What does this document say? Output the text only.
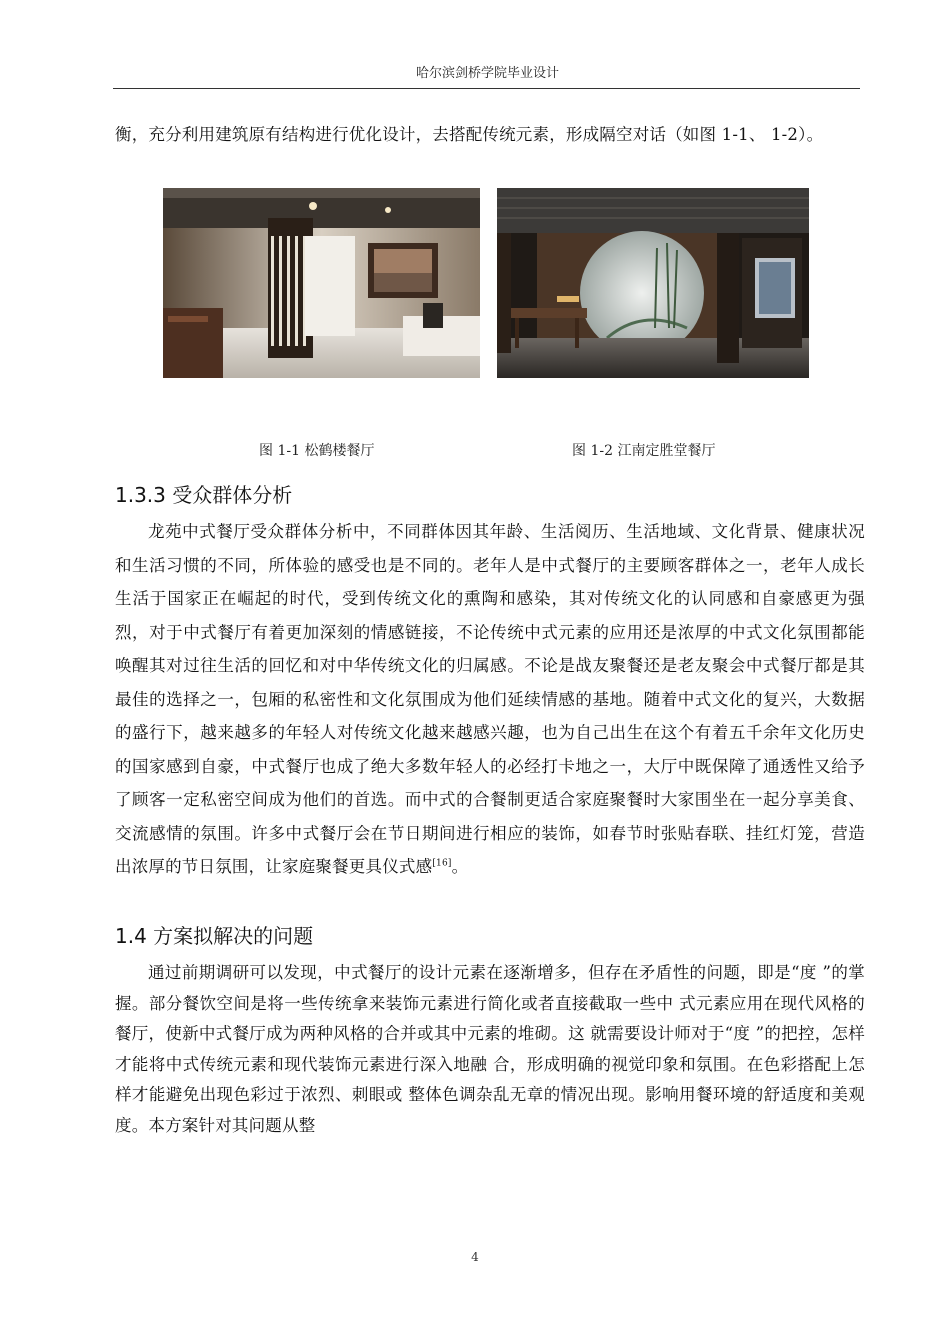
哈尔滨剑桥学院毕业设计
衡，充分利用建筑原有结构进行优化设计，去搭配传统元素，形成隔空对话（如图 1-1、 1-2）。
图 1-1 松鹤楼餐厅	图 1-2 江南定胜堂餐厅
1.3.3 受众群体分析
龙苑中式餐厅受众群体分析中，不同群体因其年龄、生活阅历、生活地域、文化背景、健康状况和生活习惯的不同，所体验的感受也是不同的。老年人是中式餐厅的主要顾客群体之一，老年人成长生活于国家正在崛起的时代，受到传统文化的熏陶和感染，其对传统文化的认同感和自豪感更为强烈，对于中式餐厅有着更加深刻的情感链接，不论传统中式元素的应用还是浓厚的中式文化氛围都能唤醒其对过往生活的回忆和对中华传统文化的归属感。不论是战友聚餐还是老友聚会中式餐厅都是其最佳的选择之一，包厢的私密性和文化氛围成为他们延续情感的基地。随着中式文化的复兴，大数据的盛行下，越来越多的年轻人对传统文化越来越感兴趣，也为自己出生在这个有着五千余年文化历史的国家感到自豪，中式餐厅也成了绝大多数年轻人的必经打卡地之一，大厅中既保障了通透性又给予了顾客一定私密空间成为他们的首选。而中式的合餐制更适合家庭聚餐时大家围坐在一起分享美食、交流感情的氛围。许多中式餐厅会在节日期间进行相应的装饰，如春节时张贴春联、挂红灯笼，营造出浓厚的节日氛围，让家庭聚餐更具仪式感[16]。
1.4 方案拟解决的问题
通过前期调研可以发现，中式餐厅的设计元素在逐渐增多，但存在矛盾性的问题，即是“度 ”的掌握。部分餐饮空间是将一些传统拿来装饰元素进行简化或者直接截取一些中 式元素应用在现代风格的餐厅，使新中式餐厅成为两种风格的合并或其中元素的堆砌。这 就需要设计师对于“度 ”的把控，怎样才能将中式传统元素和现代装饰元素进行深入地融 合，形成明确的视觉印象和氛围。在色彩搭配上怎样才能避免出现色彩过于浓烈、刺眼或 整体色调杂乱无章的情况出现。影响用餐环境的舒适度和美观度。本方案针对其问题从整
4
